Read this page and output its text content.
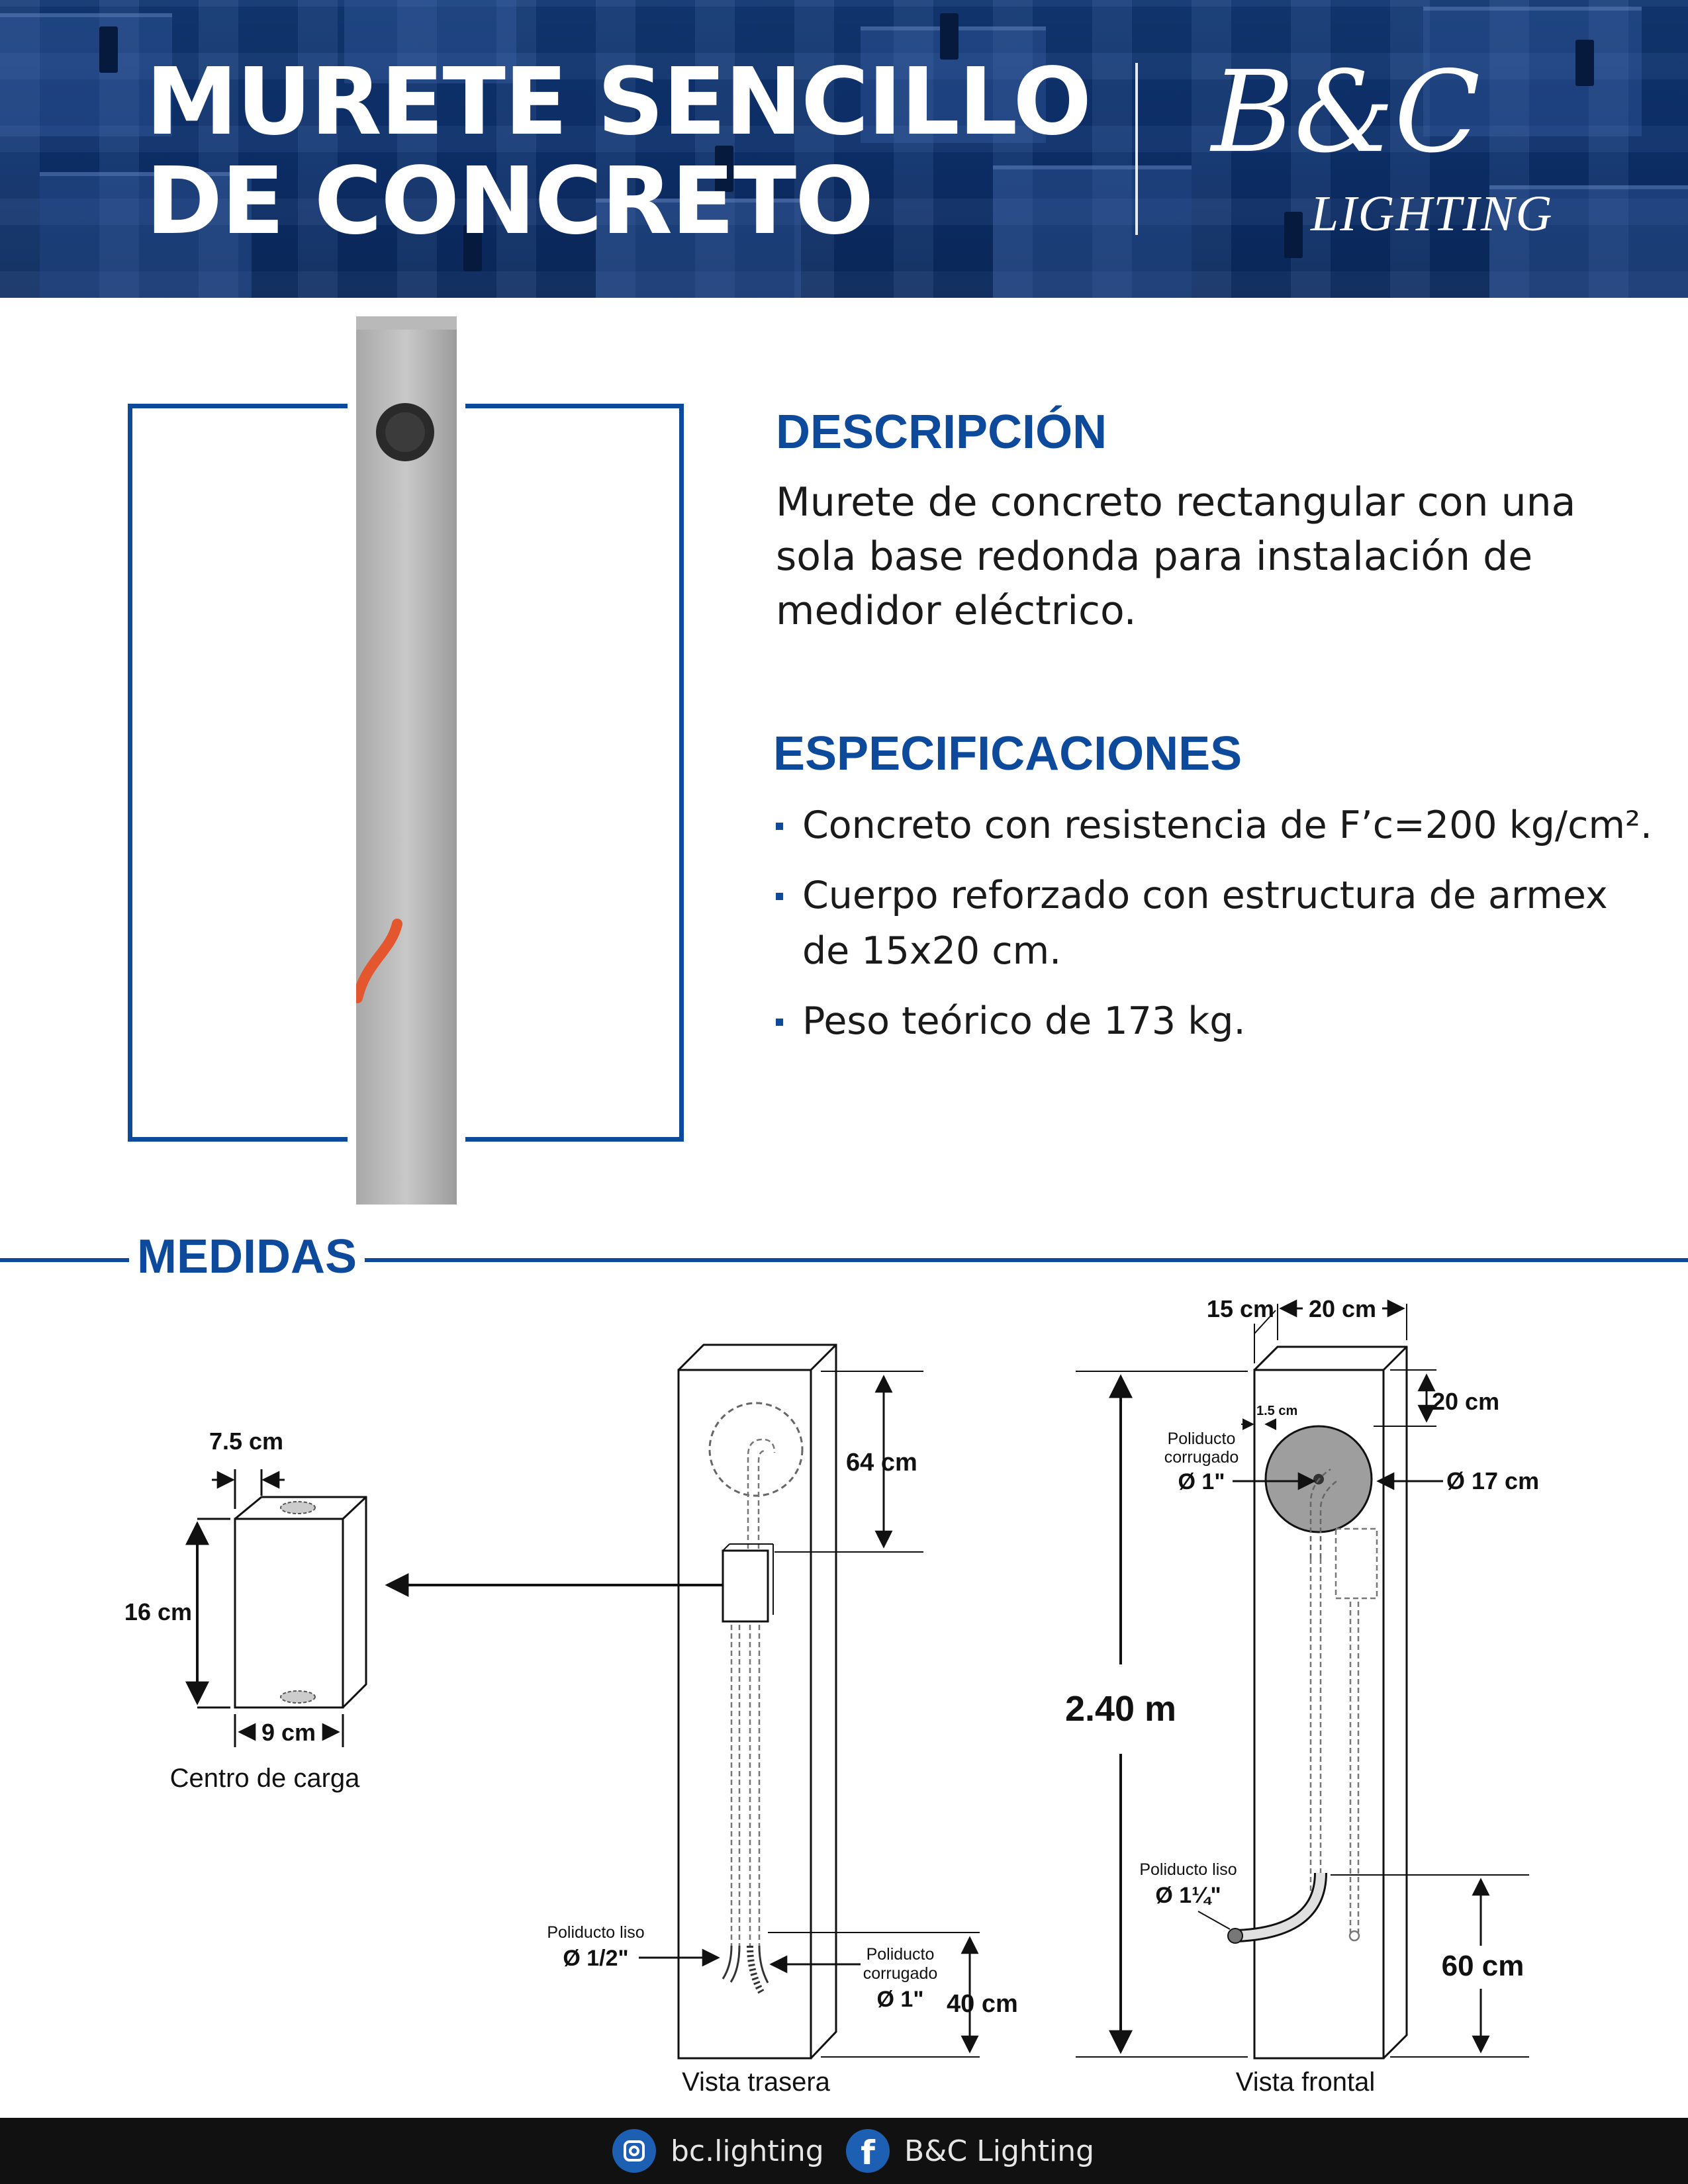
MURETE SENCILLO
DE CONCRETO
B&C
LIGHTING
DESCRIPCIÓN
Murete de concreto rectangular con una sola base redonda para instalación de medidor eléctrico.
ESPECIFICACIONES
Concreto con resistencia de F’c=200 kg/cm².
Cuerpo reforzado con estructura de armex de 15x20 cm.
Peso teórico de 173 kg.
MEDIDAS
16 cm
7.5 cm
9 cm
Centro de carga
64 cm
40 cm
Poliducto liso
Ø 1/2"	Poliducto
corrugado
Ø 1"
Vista trasera
20 cm
15 cm
20 cm
1.5 cm
Poliducto
corrugado
Ø 1"	Ø 17 cm
2.40 m
Poliducto liso
Ø 1¼"
60 cm
Vista frontal
bc.lighting	f	B&C Lighting
